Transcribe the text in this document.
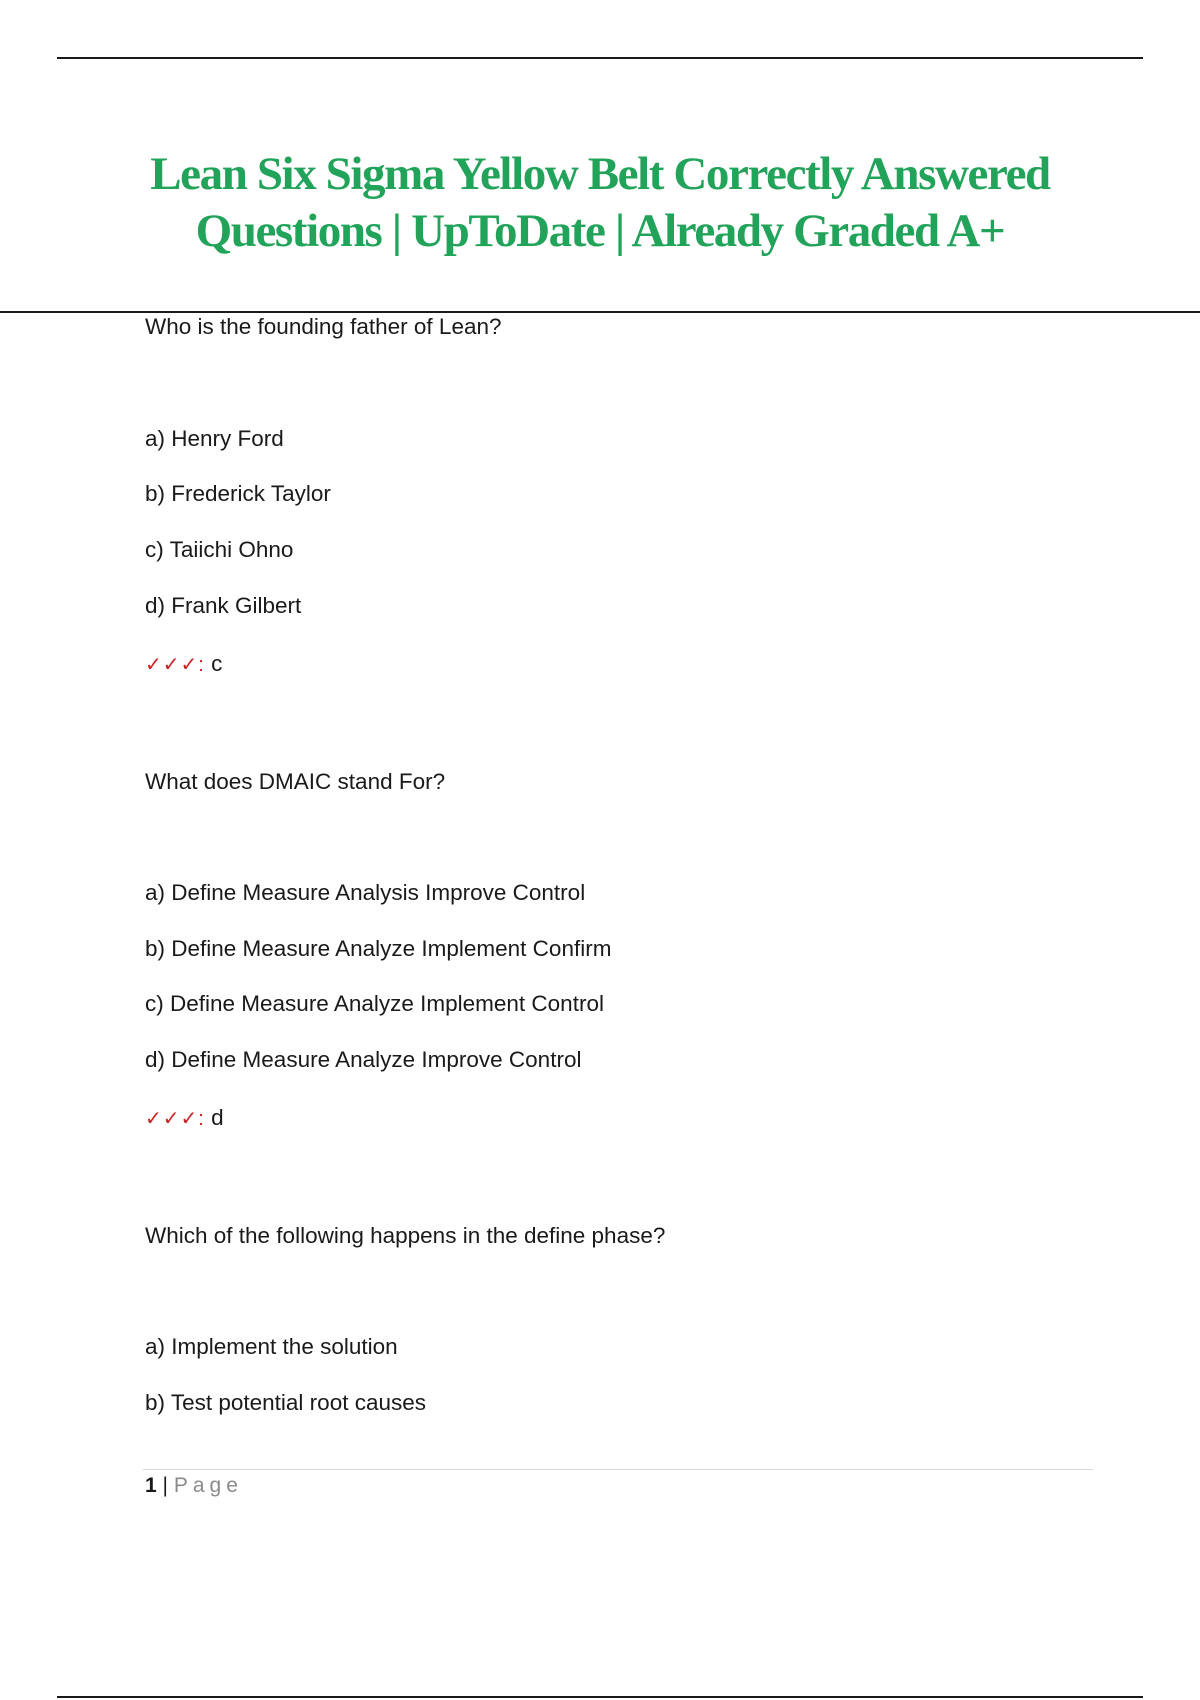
Lean Six Sigma Yellow Belt Correctly Answered
Questions | UpToDate | Already Graded A+
Who is the founding father of Lean?
a) Henry Ford
b) Frederick Taylor
c) Taiichi Ohno
d) Frank Gilbert
✓✓✓: c
What does DMAIC stand For?
a) Define Measure Analysis Improve Control
b) Define Measure Analyze Implement Confirm
c) Define Measure Analyze Implement Control
d) Define Measure Analyze Improve Control
✓✓✓: d
Which of the following happens in the define phase?
a) Implement the solution
b) Test potential root causes
1 | Page
